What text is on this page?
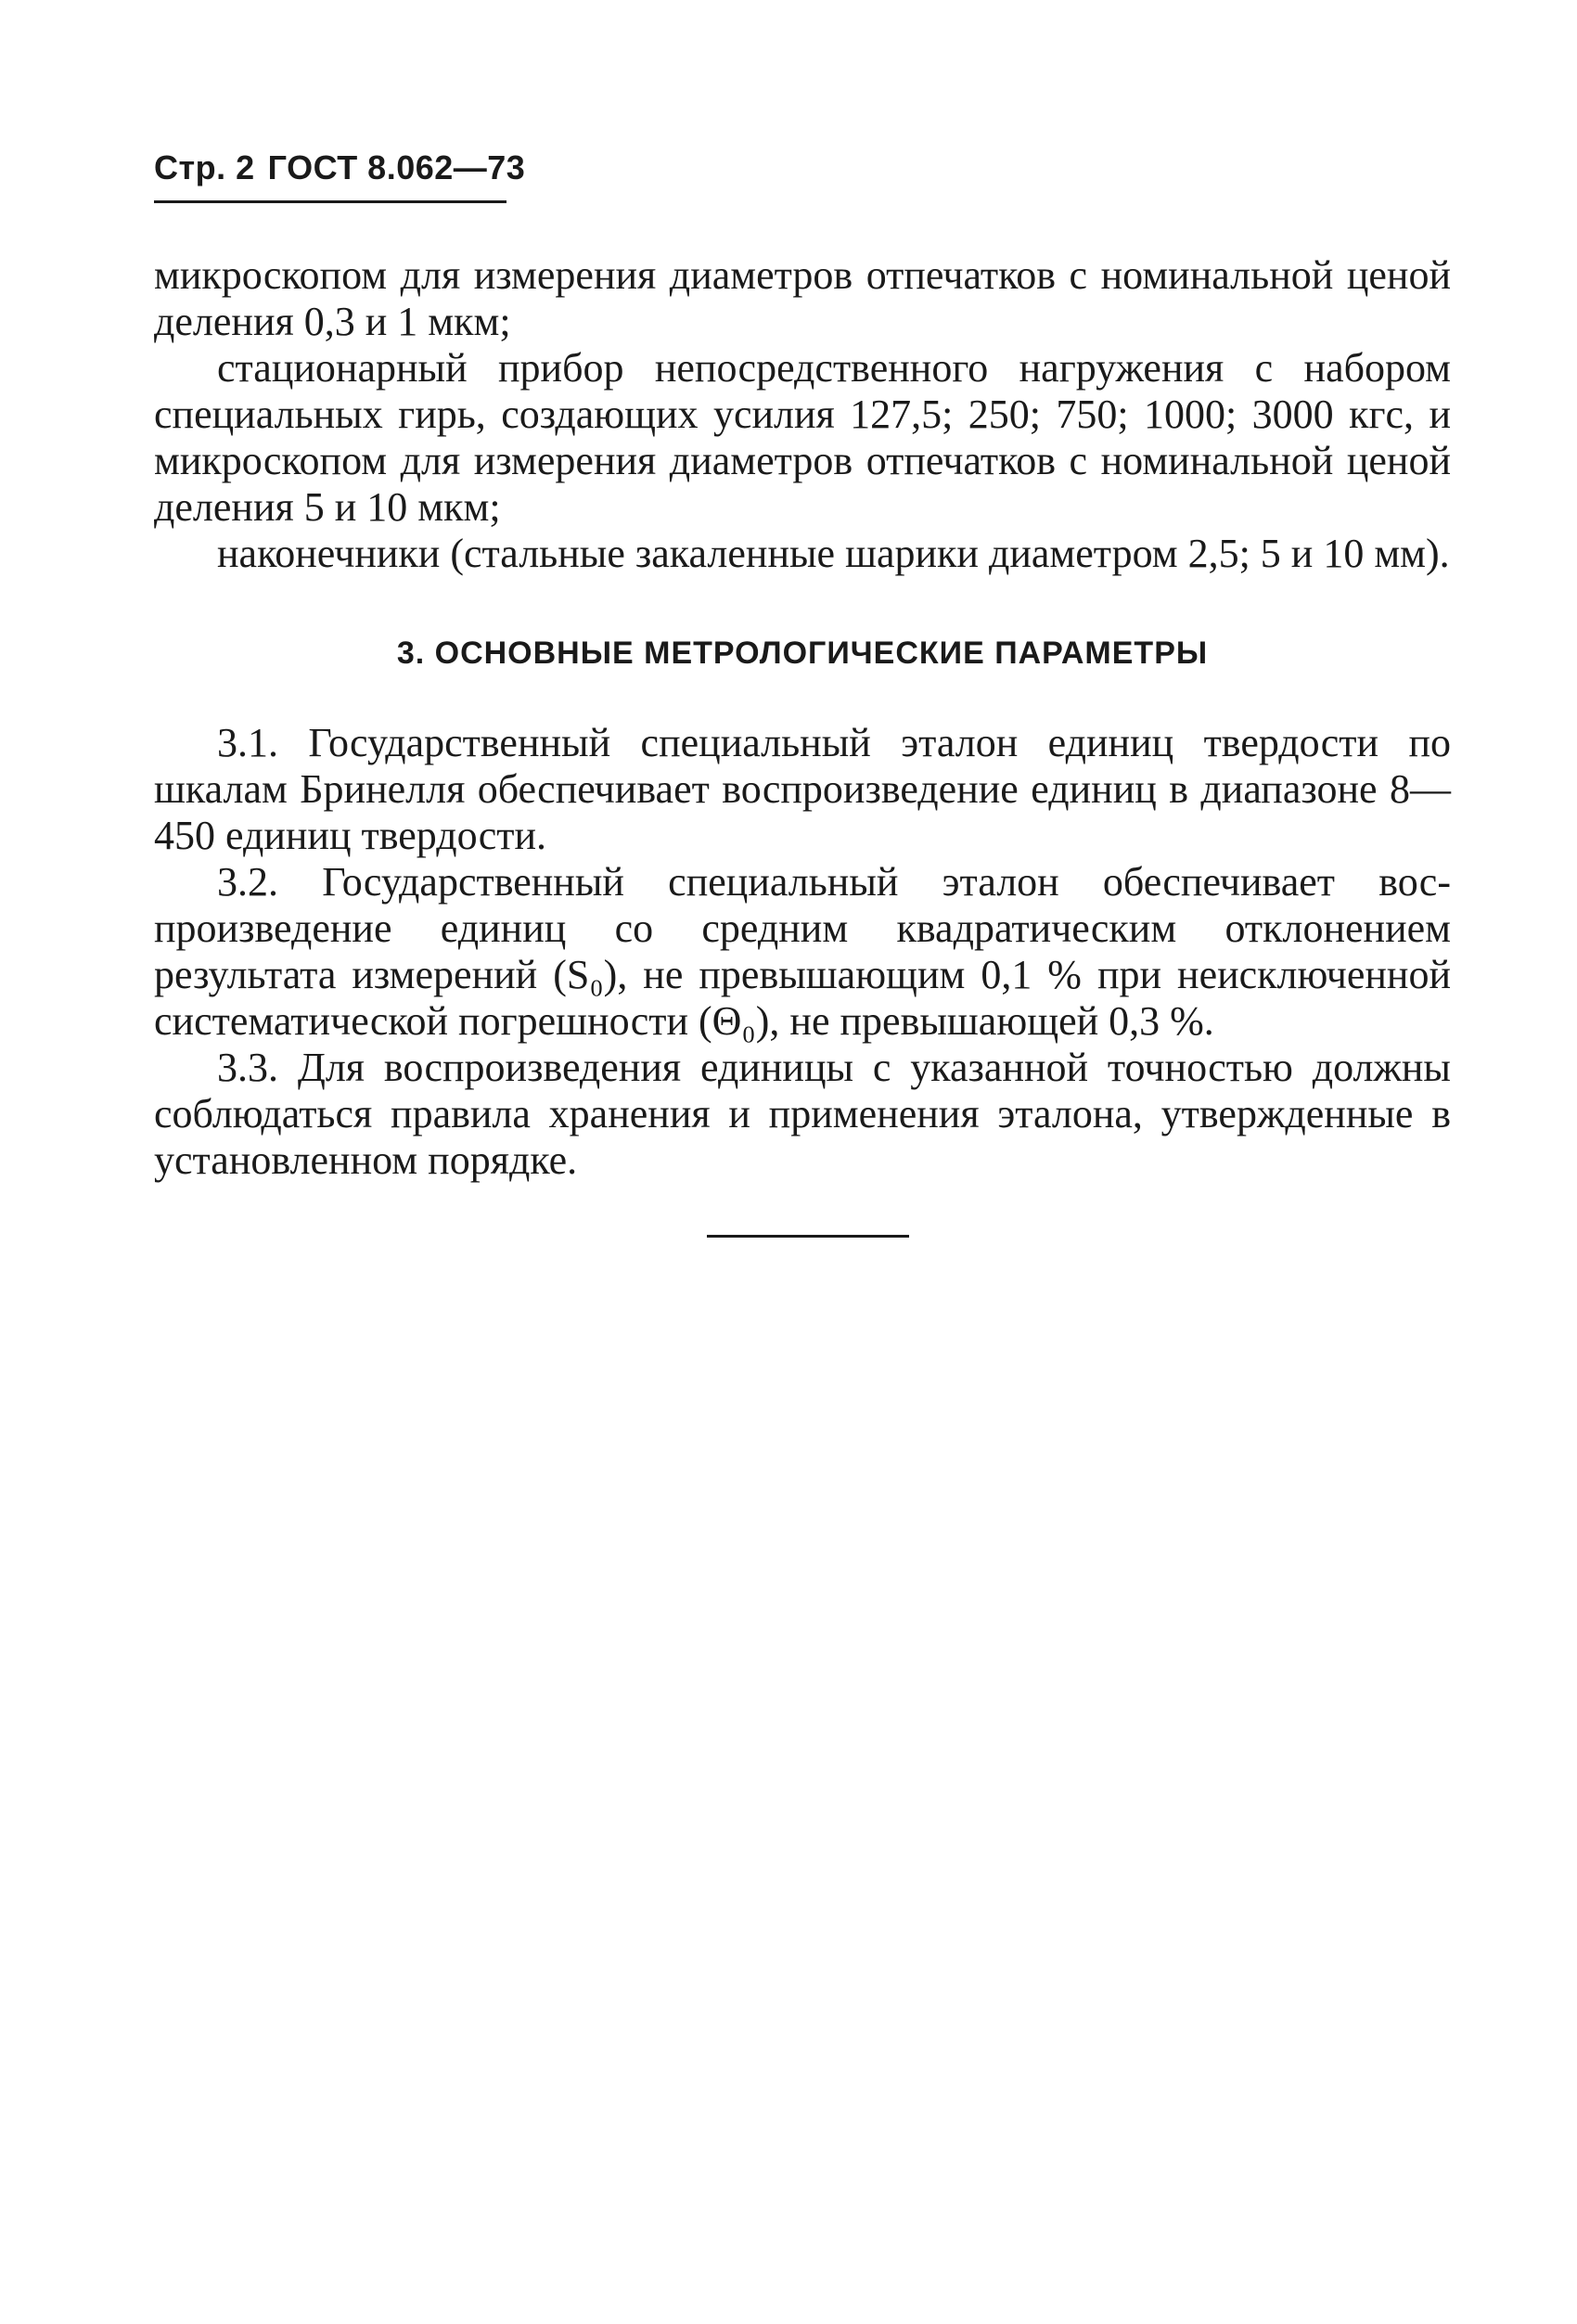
Стр. 2 ГОСТ 8.062—73

микроскопом для измерения диаметров отпечатков с номинальной ценой деления 0,3 и 1 мкм;

стационарный прибор непосредственного нагружения с набором специальных гирь, создающих усилия 127,5; 250; 750; 1000; 3000 кгс, и микроскопом для измерения диаметров отпечатков с номинальной ценой деления 5 и 10 мкм;

наконечники (стальные закаленные шарики диаметром 2,5; 5 и 10 мм).

3. ОСНОВНЫЕ МЕТРОЛОГИЧЕСКИЕ ПАРАМЕТРЫ

3.1. Государственный специальный эталон единиц твердости по шкалам Бринелля обеспечивает воспроизведение единиц в диапазоне 8—450 единиц твердости.

3.2. Государственный специальный эталон обеспечивает воспроизведение единиц со средним квадратическим отклонением результата измерений (S₀), не превышающим 0,1 % при неисключенной систематической погрешности (Θ₀), не превышающей 0,3 %.

3.3. Для воспроизведения единицы с указанной точностью должны соблюдаться правила хранения и применения эталона, утвержденные в установленном порядке.
